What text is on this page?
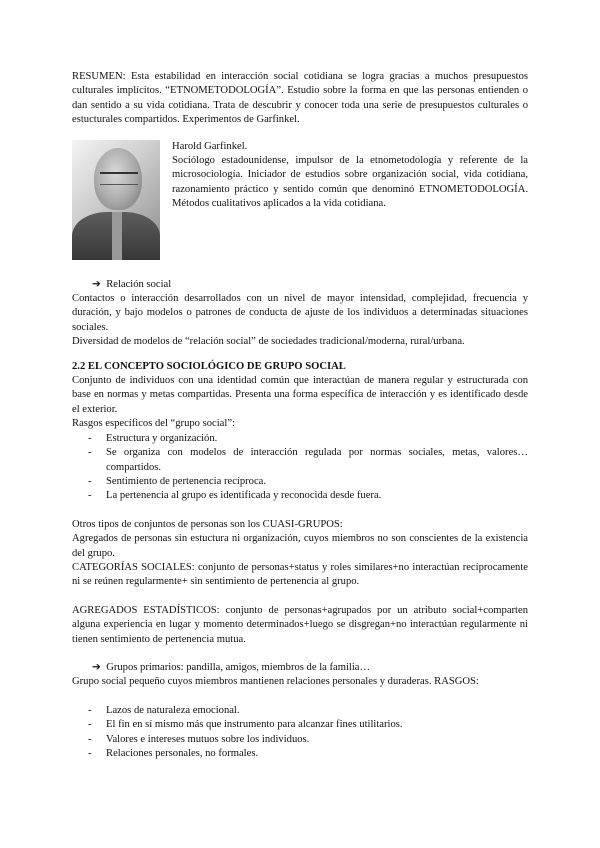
RESUMEN: Esta estabilidad en interacción social cotidiana se logra gracias a muchos presupuestos culturales implícitos. “ETNOMETODOLOGÍA”. Estudio sobre la forma en que las personas entienden o dan sentido a su vida cotidiana. Trata de descubrir y conocer toda una serie de presupuestos culturales o estucturales compartidos. Experimentos de Garfinkel.

Harold Garfinkel.

Sociólogo estadounidense, impulsor de la etnometodología y referente de la microsociología. Iniciador de estudios sobre organización social, vida cotidiana, razonamiento práctico y sentido común que denominó ETNOMETODOLOGÍA. Métodos cualitativos aplicados a la vida cotidiana.

➔ Relación social

Contactos o interacción desarrollados con un nivel de mayor intensidad, complejidad, frecuencia y duración, y bajo modelos o patrones de conducta de ajuste de los individuos a determinadas situaciones sociales.

Diversidad de modelos de “relación social” de sociedades tradicional/moderna, rural/urbana.

2.2 EL CONCEPTO SOCIOLÓGICO DE GRUPO SOCIAL

Conjunto de individuos con una identidad común que interactúan de manera regular y estructurada con base en normas y metas compartidas. Presenta una forma específica de interacción y es identificado desde el exterior.

Rasgos específicos del “grupo social”:

- Estructura y organización.
- Se organiza con modelos de interacción regulada por normas sociales, metas, valores… compartidos.
- Sentimiento de pertenencia recíproca.
- La pertenencia al grupo es identificada y reconocida desde fuera.

Otros tipos de conjuntos de personas son los CUASI-GRUPOS:

Agregados de personas sin estuctura ni organización, cuyos miembros no son conscientes de la existencia del grupo.

CATEGORÍAS SOCIALES: conjunto de personas+status y roles similares+no interactúan recíprocamente ni se reúnen regularmente+ sin sentimiento de pertenencia al grupo.

AGREGADOS ESTADÍSTICOS: conjunto de personas+agrupados por un atributo social+comparten alguna experiencia en lugar y momento determinados+luego se disgregan+no interactúan regularmente ni tienen sentimiento de pertenencia mutua.

➔ Grupos primarios: pandilla, amigos, miembros de la familia…

Grupo social pequeño cuyos miembros mantienen relaciones personales y duraderas. RASGOS:

- Lazos de naturaleza emocional.
- El fin en sí mismo más que instrumento para alcanzar fines utilitarios.
- Valores e intereses mutuos sobre los individuos.
- Relaciones personales, no formales.
